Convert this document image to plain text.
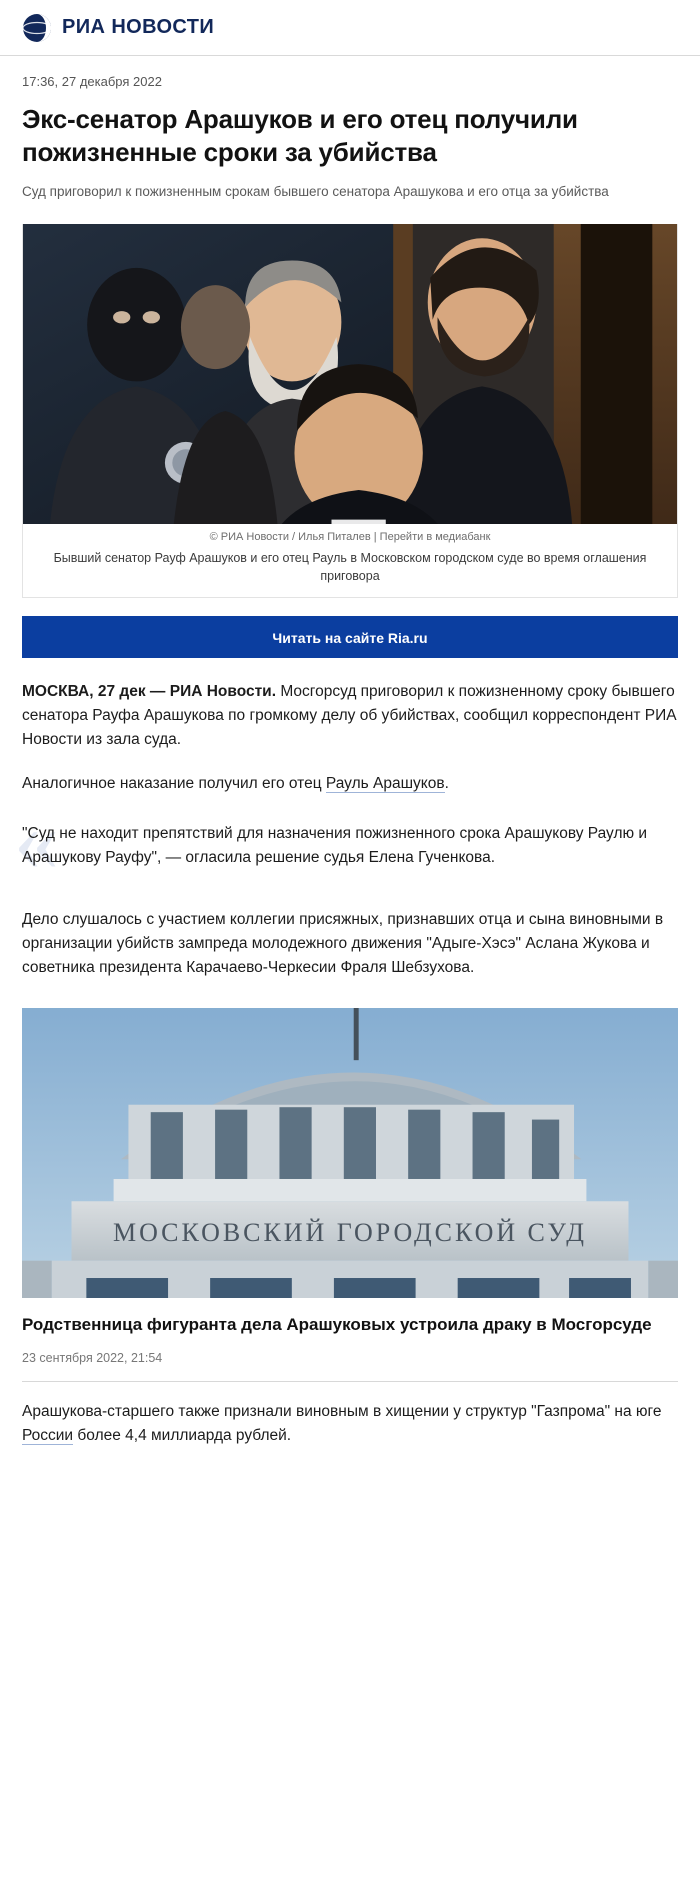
РИА НОВОСТИ
17:36, 27 декабря 2022
Экс-сенатор Арашуков и его отец получили пожизненные сроки за убийства

Суд приговорил к пожизненным срокам бывшего сенатора Арашукова и его отца за убийства

© РИА Новости / Илья Питалев | Перейти в медиабанк
Бывший сенатор Рауф Арашуков и его отец Рауль в Московском городском суде во время оглашения приговора
Читать на сайте Ria.ru

МОСКВА, 27 дек — РИА Новости. Мосгорсуд приговорил к пожизненному сроку бывшего сенатора Рауфа Арашукова по громкому делу об убийствах, сообщил корреспондент РИА Новости из зала суда.

Аналогичное наказание получил его отец Рауль Арашуков.

«

"Суд не находит препятствий для назначения пожизненного срока Арашукову Раулю и Арашукову Рауфу", — огласила решение судья Елена Гученкова.

Дело слушалось с участием коллегии присяжных, признавших отца и сына виновными в организации убийств зампреда молодежного движения "Адыге-Хэсэ" Аслана Жукова и советника президента Карачаево-Черкесии Фраля Шебзухова.

МОСКОВСКИЙ ГОРОДСКОЙ СУД
Родственница фигуранта дела Арашуковых устроила драку в Мосгорсуде
23 сентября 2022, 21:54

Арашукова-старшего также признали виновным в хищении у структур "Газпрома" на юге России более 4,4 миллиарда рублей.
